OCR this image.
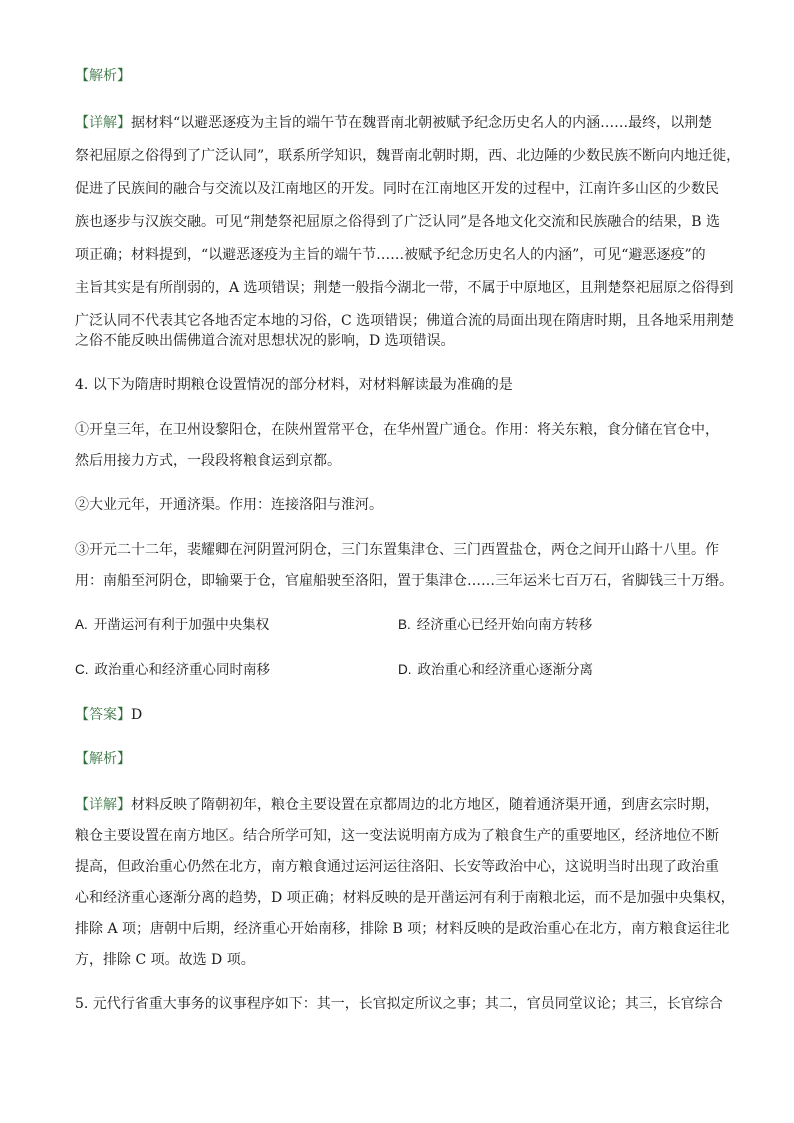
【解析】
【详解】据材料“以避恶逐疫为主旨的端午节在魏晋南北朝被赋予纪念历史名人的内涵……最终，以荆楚
祭祀屈原之俗得到了广泛认同”，联系所学知识，魏晋南北朝时期，西、北边陲的少数民族不断向内地迁徙，
促进了民族间的融合与交流以及江南地区的开发。同时在江南地区开发的过程中，江南许多山区的少数民
族也逐步与汉族交融。可见“荆楚祭祀屈原之俗得到了广泛认同”是各地文化交流和民族融合的结果，B 选
项正确；材料提到，“以避恶逐疫为主旨的端午节……被赋予纪念历史名人的内涵”，可见“避恶逐疫”的
主旨其实是有所削弱的，A 选项错误；荆楚一般指今湖北一带，不属于中原地区，且荆楚祭祀屈原之俗得到
广泛认同不代表其它各地否定本地的习俗，C 选项错误；佛道合流的局面出现在隋唐时期，且各地采用荆楚
之俗不能反映出儒佛道合流对思想状况的影响，D 选项错误。
4. 以下为隋唐时期粮仓设置情况的部分材料，对材料解读最为准确的是
①开皇三年，在卫州设黎阳仓，在陕州置常平仓，在华州置广通仓。作用：将关东粮，食分储在官仓中，
然后用接力方式，一段段将粮食运到京都。
②大业元年，开通济渠。作用：连接洛阳与淮河。
③开元二十二年，裴耀卿在河阴置河阴仓，三门东置集津仓、三门西置盐仓，两仓之间开山路十八里。作
用：南船至河阴仓，即输粟于仓，官雇船驶至洛阳，置于集津仓……三年运米七百万石，省脚钱三十万缗。
A. 开凿运河有利于加强中央集权	B. 经济重心已经开始向南方转移
C. 政治重心和经济重心同时南移	D. 政治重心和经济重心逐渐分离
【答案】D
【解析】
【详解】材料反映了隋朝初年，粮仓主要设置在京都周边的北方地区，随着通济渠开通，到唐玄宗时期，
粮仓主要设置在南方地区。结合所学可知，这一变法说明南方成为了粮食生产的重要地区，经济地位不断
提高，但政治重心仍然在北方，南方粮食通过运河运往洛阳、长安等政治中心，这说明当时出现了政治重
心和经济重心逐渐分离的趋势，D 项正确；材料反映的是开凿运河有利于南粮北运，而不是加强中央集权，
排除 A 项；唐朝中后期，经济重心开始南移，排除 B 项；材料反映的是政治重心在北方，南方粮食运往北
方，排除 C 项。故选 D 项。
5. 元代行省重大事务的议事程序如下：其一，长官拟定所议之事；其二，官员同堂议论；其三，长官综合
